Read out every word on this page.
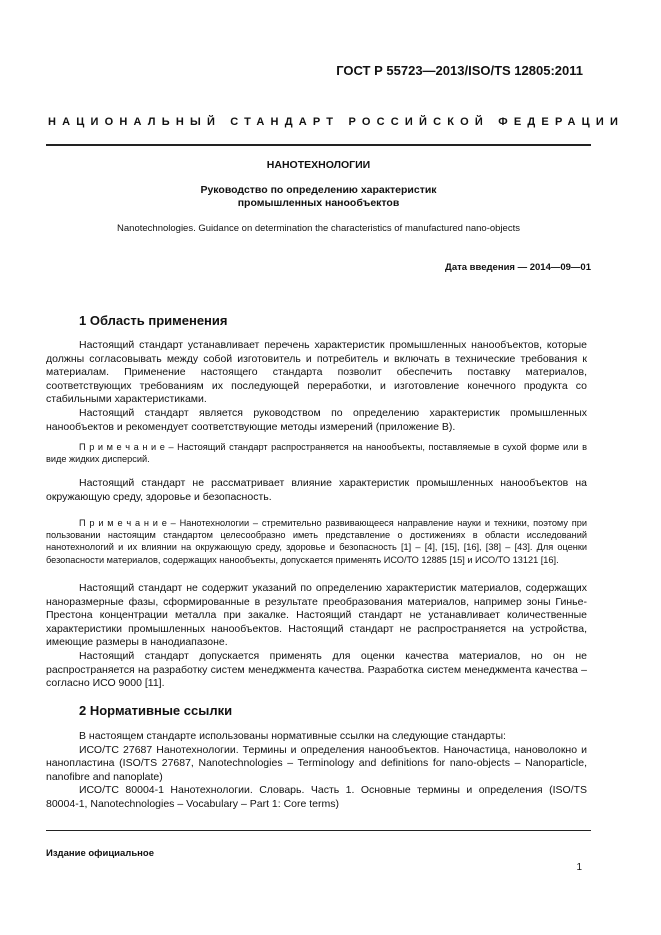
ГОСТ Р 55723—2013/ISO/TS 12805:2011
НАЦИОНАЛЬНЫЙ СТАНДАРТ РОССИЙСКОЙ ФЕДЕРАЦИИ
НАНОТЕХНОЛОГИИ
Руководство по определению характеристик
промышленных нанообъектов
Nanotechnologies. Guidance on determination the characteristics of manufactured nano-objects
Дата введения — 2014—09—01
1 Область применения

Настоящий стандарт устанавливает перечень характеристик промышленных нанообъектов, которые должны согласовывать между собой изготовитель и потребитель и включать в технические требования к материалам. Применение настоящего стандарта позволит обеспечить поставку материалов, соответствующих требованиям их последующей переработки, и изготовление конечного продукта со стабильными характеристиками.

Настоящий стандарт является руководством по определению характеристик промышленных нанообъектов и рекомендует соответствующие методы измерений (приложение В).

П р и м е ч а н и е – Настоящий стандарт распространяется на нанообъекты, поставляемые в сухой форме или в виде жидких дисперсий.

Настоящий стандарт не рассматривает влияние характеристик промышленных нанообъектов на окружающую среду, здоровье и безопасность.

П р и м е ч а н и е – Нанотехнологии – стремительно развивающееся направление науки и техники, поэтому при пользовании настоящим стандартом целесообразно иметь представление о достижениях в области исследований нанотехнологий и их влиянии на окружающую среду, здоровье и безопасность [1] – [4], [15], [16], [38] – [43]. Для оценки безопасности материалов, содержащих нанообъекты, допускается применять ИСО/ТО 12885 [15] и ИСО/ТО 13121 [16].

Настоящий стандарт не содержит указаний по определению характеристик материалов, содержащих наноразмерные фазы, сформированные в результате преобразования материалов, например зоны Гинье-Престона концентрации металла при закалке. Настоящий стандарт не устанавливает количественные характеристики промышленных нанообъектов. Настоящий стандарт не распространяется на устройства, имеющие размеры в нанодиапазоне.

Настоящий стандарт допускается применять для оценки качества материалов, но он не распространяется на разработку систем менеджмента качества. Разработка систем менеджмента качества – согласно ИСО 9000 [11].

2 Нормативные ссылки

В настоящем стандарте использованы нормативные ссылки на следующие стандарты:

ИСО/ТС 27687 Нанотехнологии. Термины и определения нанообъектов. Наночастица, нановолокно и нанопластина (ISO/TS 27687, Nanotechnologies – Terminology and definitions for nano-objects – Nanoparticle, nanofibre and nanoplate)

ИСО/ТС 80004-1 Нанотехнологии. Словарь. Часть 1. Основные термины и определения (ISO/TS 80004-1, Nanotechnologies – Vocabulary – Part 1: Core terms)

Издание официальное
1
